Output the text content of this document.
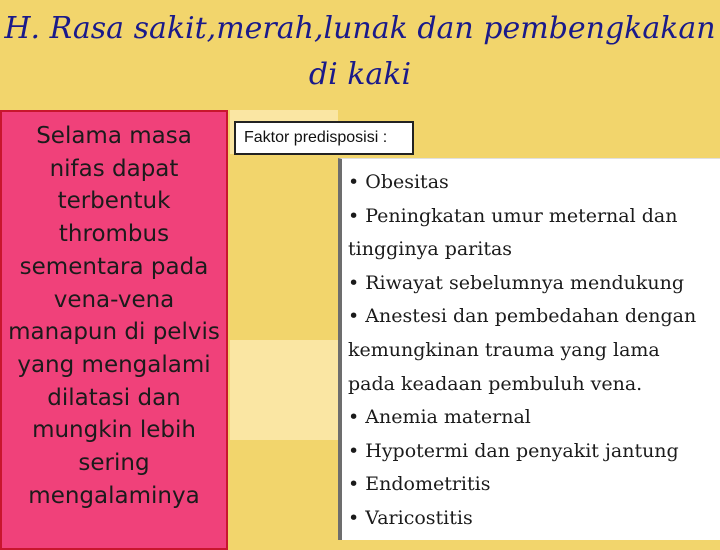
H. Rasa sakit,merah,lunak dan pembengkakan di kaki
Selama masa nifas dapat terbentuk thrombus sementara pada vena-vena manapun di pelvis yang mengalami dilatasi dan mungkin lebih sering mengalaminya
Faktor predisposisi :
• Obesitas
• Peningkatan umur meternal dan tingginya paritas
• Riwayat sebelumnya mendukung
• Anestesi dan pembedahan dengan kemungkinan trauma yang lama pada keadaan pembuluh vena.
• Anemia maternal
• Hypotermi dan penyakit jantung
• Endometritis
• Varicostitis
